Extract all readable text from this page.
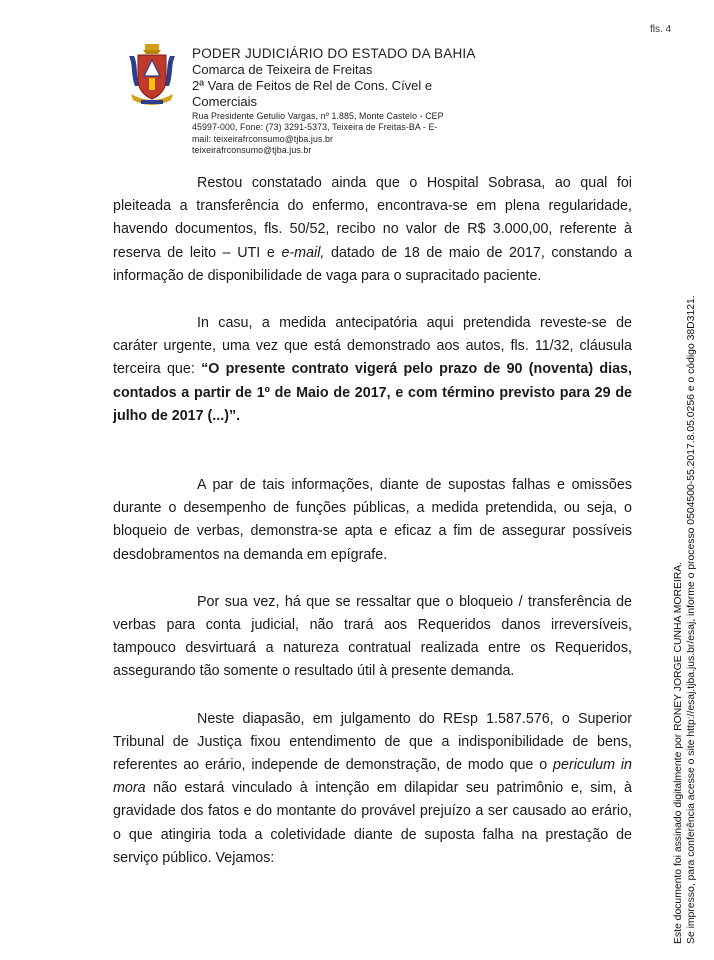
fls. 4
PODER JUDICIÁRIO DO ESTADO DA BAHIA
Comarca de Teixeira de Freitas
2ª Vara de Feitos de Rel de Cons. Cível e
Comerciais
Rua Presidente Getulio Vargas, nº 1.885, Monte Castelo - CEP
45997-000, Fone: (73) 3291-5373, Teixeira de Freitas-BA - E-
mail: teixeirafrconsumo@tjba.jus.br
teixeirafrconsumo@tjba.jus.br

Restou constatado ainda que o Hospital Sobrasa, ao qual foi pleiteada a transferência do enfermo, encontrava-se em plena regularidade, havendo documentos, fls. 50/52, recibo no valor de R$ 3.000,00, referente à reserva de leito – UTI e e-mail, datado de 18 de maio de 2017, constando a informação de disponibilidade de vaga para o supracitado paciente.

In casu, a medida antecipatória aqui pretendida reveste-se de caráter urgente, uma vez que está demonstrado aos autos, fls. 11/32, cláusula terceira que: “O presente contrato vigerá pelo prazo de 90 (noventa) dias, contados a partir de 1º de Maio de 2017, e com término previsto para 29 de julho de 2017 (...)”.

A par de tais informações, diante de supostas falhas e omissões durante o desempenho de funções públicas, a medida pretendida, ou seja, o bloqueio de verbas, demonstra-se apta e eficaz a fim de assegurar possíveis desdobramentos na demanda em epígrafe.

Por sua vez, há que se ressaltar que o bloqueio / transferência de verbas para conta judicial, não trará aos Requeridos danos irreversíveis, tampouco desvirtuará a natureza contratual realizada entre os Requeridos, assegurando tão somente o resultado útil à presente demanda.

Neste diapasão, em julgamento do REsp 1.587.576, o Superior Tribunal de Justiça fixou entendimento de que a indisponibilidade de bens, referentes ao erário, independe de demonstração, de modo que o periculum in mora não estará vinculado à intenção em dilapidar seu patrimônio e, sim, à gravidade dos fatos e do montante do provável prejuízo a ser causado ao erário, o que atingiria toda a coletividade diante de suposta falha na prestação de serviço público. Vejamos:	Este documento foi assinado digitalmente por RONEY JORGE CUNHA MOREIRA. Se impresso, para conferência acesse o site http://esaj.tjba.jus.br/esaj, informe o processo 0504500-55.2017.8.05.0256 e o código 38D3121.
